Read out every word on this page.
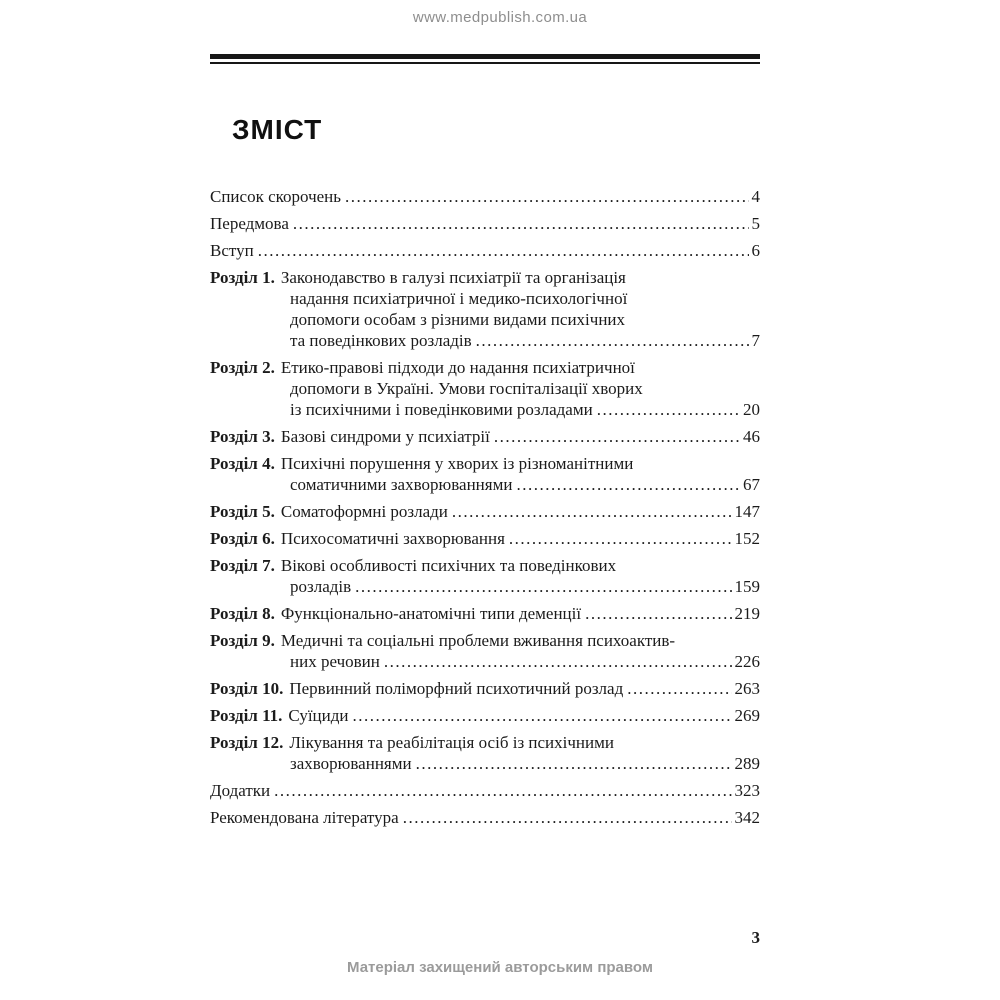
www.medpublish.com.ua
ЗМІСТ
Список скорочень .....	4
Передмова .....	5
Вступ .....	6
Розділ 1. Законодавство в галузі психіатрії та організація
надання психіатричної і медико-психологічної
допомоги особам з різними видами психічних
та поведінкових розладів .....	7
Розділ 2. Етико-правові підходи до надання психіатричної
допомоги в Україні. Умови госпіталізації хворих
із психічними і поведінковими розладами .....	20
Розділ 3. Базові синдроми у психіатрії .....	46
Розділ 4. Психічні порушення у хворих із різноманітними
соматичними захворюваннями .....	67
Розділ 5. Соматоформні розлади .....	147
Розділ 6. Психосоматичні захворювання .....	152
Розділ 7. Вікові особливості психічних та поведінкових
розладів .....	159
Розділ 8. Функціонально-анатомічні типи деменції .....	219
Розділ 9. Медичні та соціальні проблеми вживання психоактив-
них речовин .....	226
Розділ 10. Первинний поліморфний психотичний розлад .....	263
Розділ 11. Суїциди .....	269
Розділ 12. Лікування та реабілітація осіб із психічними
захворюваннями .....	289
Додатки .....	323
Рекомендована література .....	342
3
Матеріал захищений авторським правом
